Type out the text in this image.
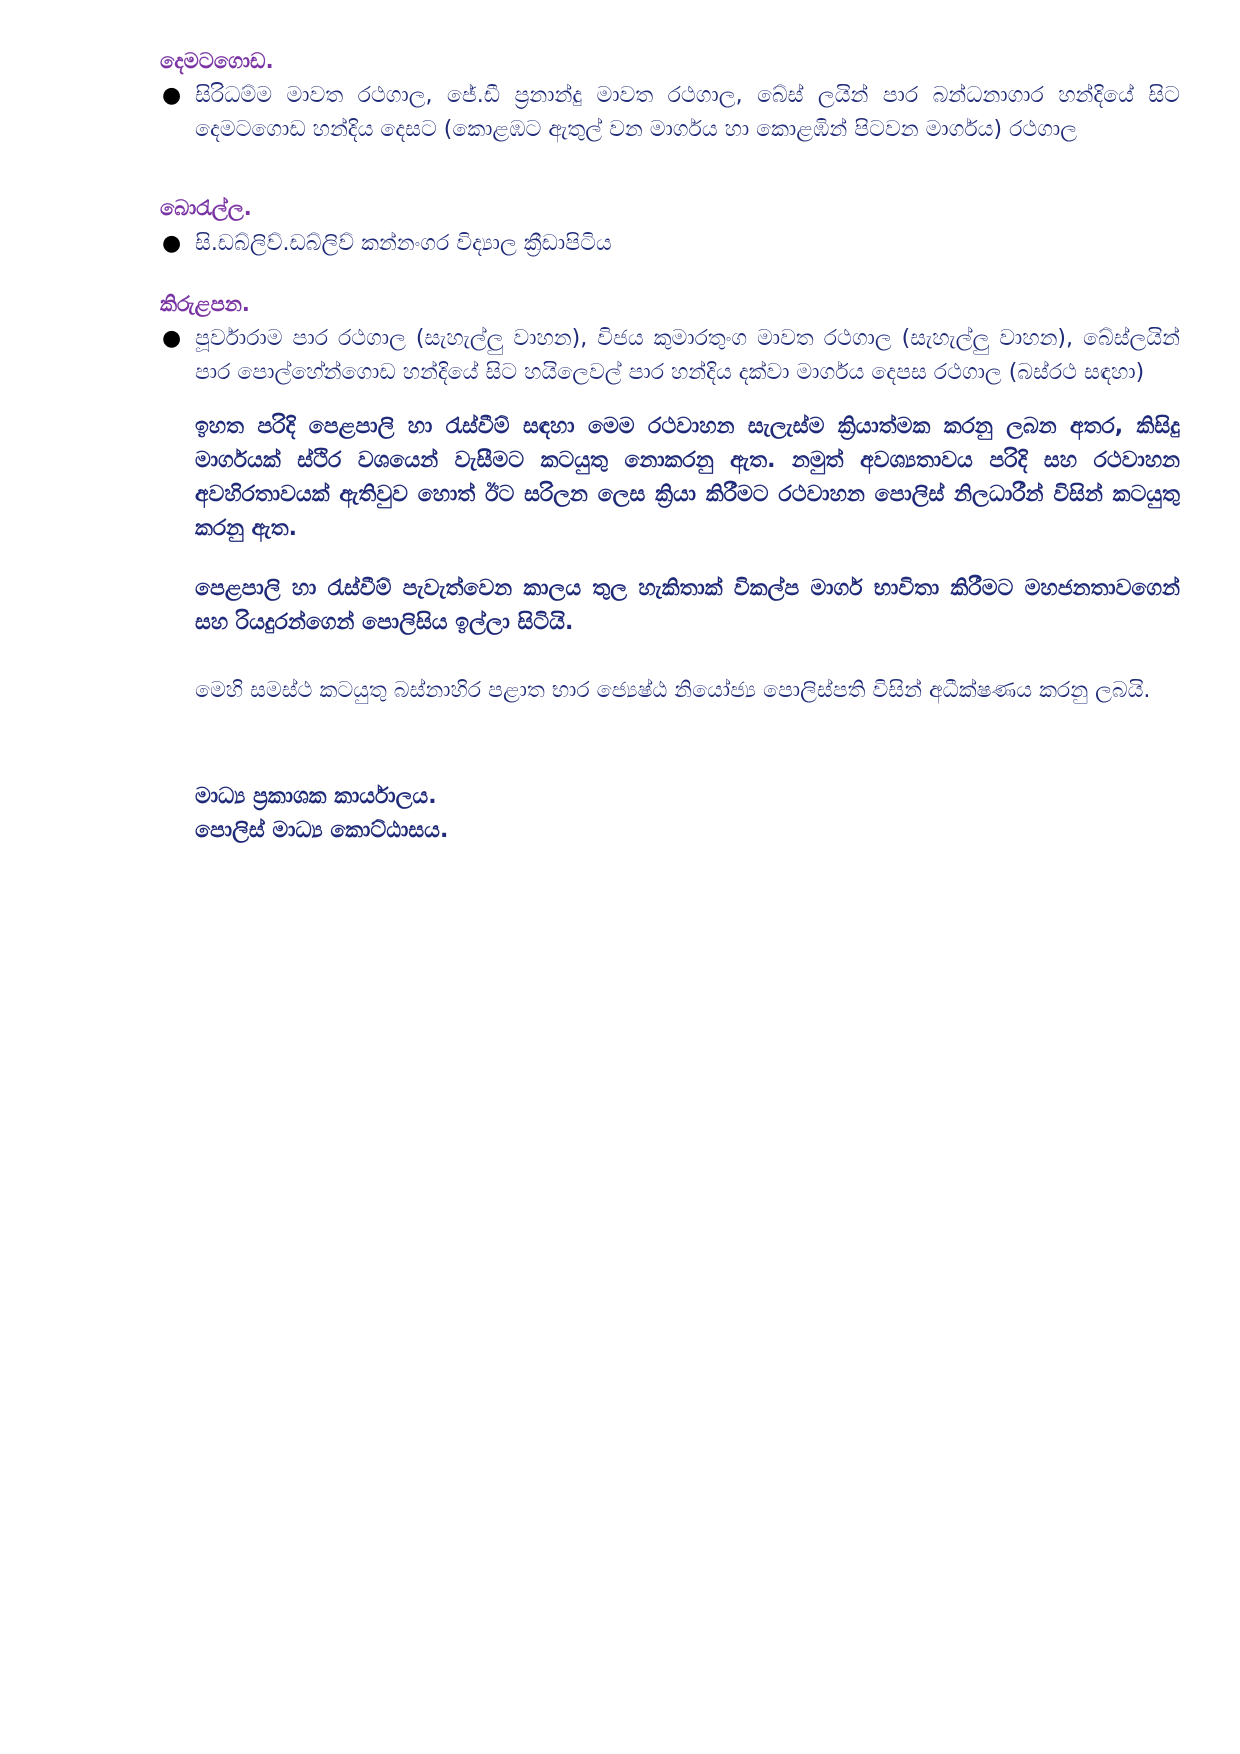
දෙමටගොඩ.
● සිරිධම්ම මාවත රථගාල, ජේ.ඩී ප්‍රනාන්දු මාවත රථගාල, බේස් ලයින් පාර බන්ධනාගාර හන්දියේ සිට දෙමටගොඩ හන්දිය දෙසට (කොළඹට ඇතුල් වන මාර්ගය හා කොළඹින් පිටවන මාර්ගය) රථගාල
බොරැල්ල.
● සි.ඩබ්ලිව්.ඩබ්ලිව් කන්නංගර විද්‍යාල ක්‍රීඩාපිටිය
කිරුළපන.
● පූර්වාරාම පාර රථගාල (සැහැල්ලු වාහන), විජය කුමාරතුංග මාවත රථගාල (සැහැල්ලු වාහන), බේස්ලයින් පාර පොල්හේන්ගොඩ හන්දියේ සිට හයිලෙවල් පාර හන්දිය දක්වා මාර්ගය දෙපස රථගාල (බස්රථ සඳහා)

ඉහත පරිදි පෙළපාලි හා රැස්වීම් සඳහා මෙම රථවාහන සැලැස්ම ක්‍රියාත්මක කරනු ලබන අතර, කිසිදු මාර්ගයක් ස්ථිර වශයෙන් වැසීමට කටයුතු නොකරනු ඇත. නමුත් අවශ්‍යතාවය පරිදි සහ රථවාහන අවහිරතාවයක් ඇතිවුව හොත් ඊට සරිලන ලෙස ක්‍රියා කිරීමට රථවාහන පොලිස් නිලධාරීන් විසින් කටයුතු කරනු ඇත.

පෙළපාලි හා රැස්වීම් පැවැත්වෙන කාලය තුල හැකිතාක් විකල්ප මාර්ග භාවිතා කිරීමට මහජනතාවගෙන් සහ රියදුරන්ගෙන් පොලිසිය ඉල්ලා සිටියි.

මෙහි සමස්ථ කටයුතු බස්නාහිර පළාත භාර ජ්‍යෙෂ්ඨ නියෝජ්‍ය පොලිස්පති විසින් අධීක්ෂණය කරනු ලබයි.

මාධ්‍ය ප්‍රකාශක කාර්යාලය.
පොලිස් මාධ්‍ය කොට්ඨාසය.
